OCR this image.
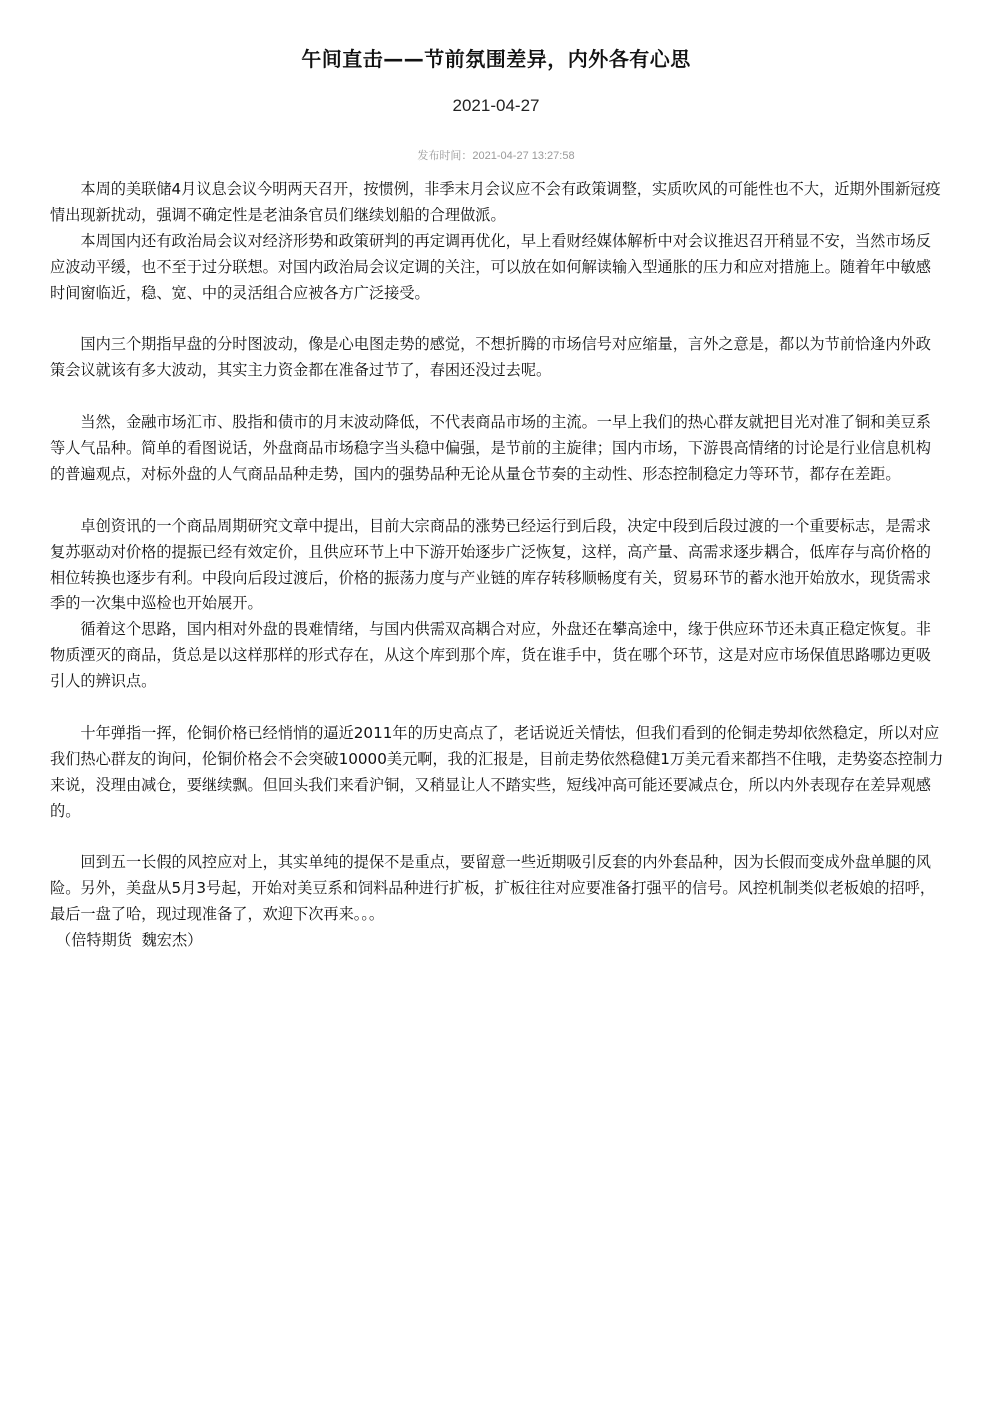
午间直击——节前氛围差异，内外各有心思
2021-04-27
发布时间：2021-04-27 13:27:58

本周的美联储4月议息会议今明两天召开，按惯例，非季末月会议应不会有政策调整，实质吹风的可能性也不大，近期外围新冠疫情出现新扰动，强调不确定性是老油条官员们继续划船的合理做派。

本周国内还有政治局会议对经济形势和政策研判的再定调再优化，早上看财经媒体解析中对会议推迟召开稍显不安，当然市场反应波动平缓，也不至于过分联想。对国内政治局会议定调的关注，可以放在如何解读输入型通胀的压力和应对措施上。随着年中敏感时间窗临近，稳、宽、中的灵活组合应被各方广泛接受。

国内三个期指早盘的分时图波动，像是心电图走势的感觉，不想折腾的市场信号对应缩量，言外之意是，都以为节前恰逢内外政策会议就该有多大波动，其实主力资金都在准备过节了，春困还没过去呢。

当然，金融市场汇市、股指和债市的月末波动降低，不代表商品市场的主流。一早上我们的热心群友就把目光对准了铜和美豆系等人气品种。简单的看图说话，外盘商品市场稳字当头稳中偏强，是节前的主旋律；国内市场，下游畏高情绪的讨论是行业信息机构的普遍观点，对标外盘的人气商品品种走势，国内的强势品种无论从量仓节奏的主动性、形态控制稳定力等环节，都存在差距。

卓创资讯的一个商品周期研究文章中提出，目前大宗商品的涨势已经运行到后段，决定中段到后段过渡的一个重要标志，是需求复苏驱动对价格的提振已经有效定价，且供应环节上中下游开始逐步广泛恢复，这样，高产量、高需求逐步耦合，低库存与高价格的相位转换也逐步有利。中段向后段过渡后，价格的振荡力度与产业链的库存转移顺畅度有关，贸易环节的蓄水池开始放水，现货需求季的一次集中巡检也开始展开。

循着这个思路，国内相对外盘的畏难情绪，与国内供需双高耦合对应，外盘还在攀高途中，缘于供应环节还未真正稳定恢复。非物质湮灭的商品，货总是以这样那样的形式存在，从这个库到那个库，货在谁手中，货在哪个环节，这是对应市场保值思路哪边更吸引人的辨识点。

十年弹指一挥，伦铜价格已经悄悄的逼近2011年的历史高点了，老话说近关情怯，但我们看到的伦铜走势却依然稳定，所以对应我们热心群友的询问，伦铜价格会不会突破10000美元啊，我的汇报是，目前走势依然稳健1万美元看来都挡不住哦，走势姿态控制力来说，没理由减仓，要继续飘。但回头我们来看沪铜，又稍显让人不踏实些，短线冲高可能还要减点仓，所以内外表现存在差异观感的。

回到五一长假的风控应对上，其实单纯的提保不是重点，要留意一些近期吸引反套的内外套品种，因为长假而变成外盘单腿的风险。另外，美盘从5月3号起，开始对美豆系和饲料品种进行扩板，扩板往往对应要准备打强平的信号。风控机制类似老板娘的招呼，最后一盘了哈，现过现准备了，欢迎下次再来。。。

（倍特期货  魏宏杰）
